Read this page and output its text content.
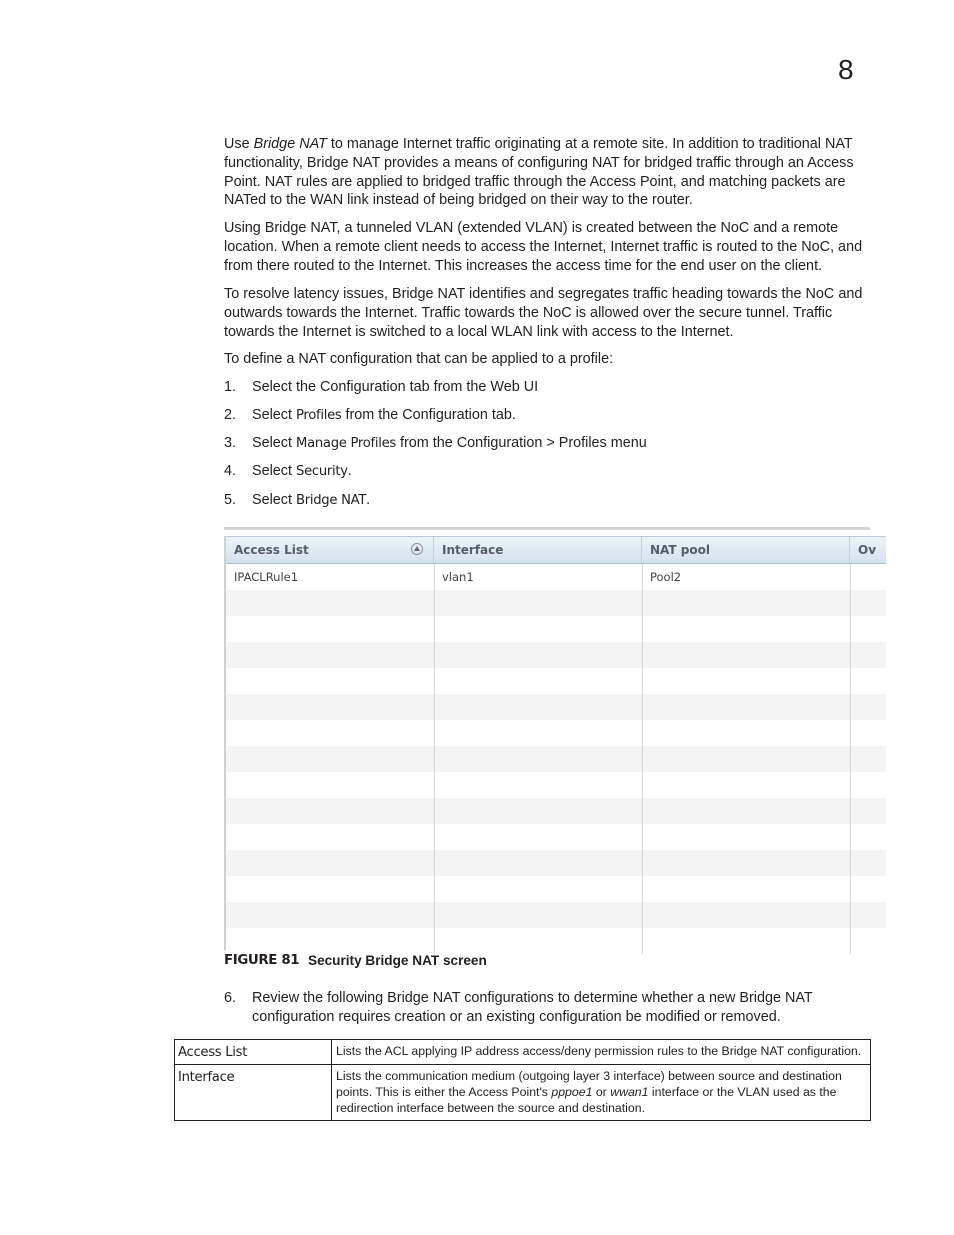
8

Use Bridge NAT to manage Internet traffic originating at a remote site. In addition to traditional NAT functionality, Bridge NAT provides a means of configuring NAT for bridged traffic through an Access Point. NAT rules are applied to bridged traffic through the Access Point, and matching packets are NATed to the WAN link instead of being bridged on their way to the router.

Using Bridge NAT, a tunneled VLAN (extended VLAN) is created between the NoC and a remote location. When a remote client needs to access the Internet, Internet traffic is routed to the NoC, and from there routed to the Internet. This increases the access time for the end user on the client.

To resolve latency issues, Bridge NAT identifies and segregates traffic heading towards the NoC and outwards towards the Internet. Traffic towards the NoC is allowed over the secure tunnel. Traffic towards the Internet is switched to a local WLAN link with access to the Internet.

To define a NAT configuration that can be applied to a profile:

1. Select the Configuration tab from the Web UI
2. Select Profiles from the Configuration tab.
3. Select Manage Profiles from the Configuration > Profiles menu
4. Select Security.
5. Select Bridge NAT.
Access List	Interface	NAT pool	Ov
IPACLRule1	vlan1	Pool2
FIGURE 81 Security Bridge NAT screen
6. Review the following Bridge NAT configurations to determine whether a new Bridge NAT configuration requires creation or an existing configuration be modified or removed.
Access List	Lists the ACL applying IP address access/deny permission rules to the Bridge NAT configuration.
Interface	Lists the communication medium (outgoing layer 3 interface) between source and destination points. This is either the Access Point's pppoe1 or wwan1 interface or the VLAN used as the redirection interface between the source and destination.
